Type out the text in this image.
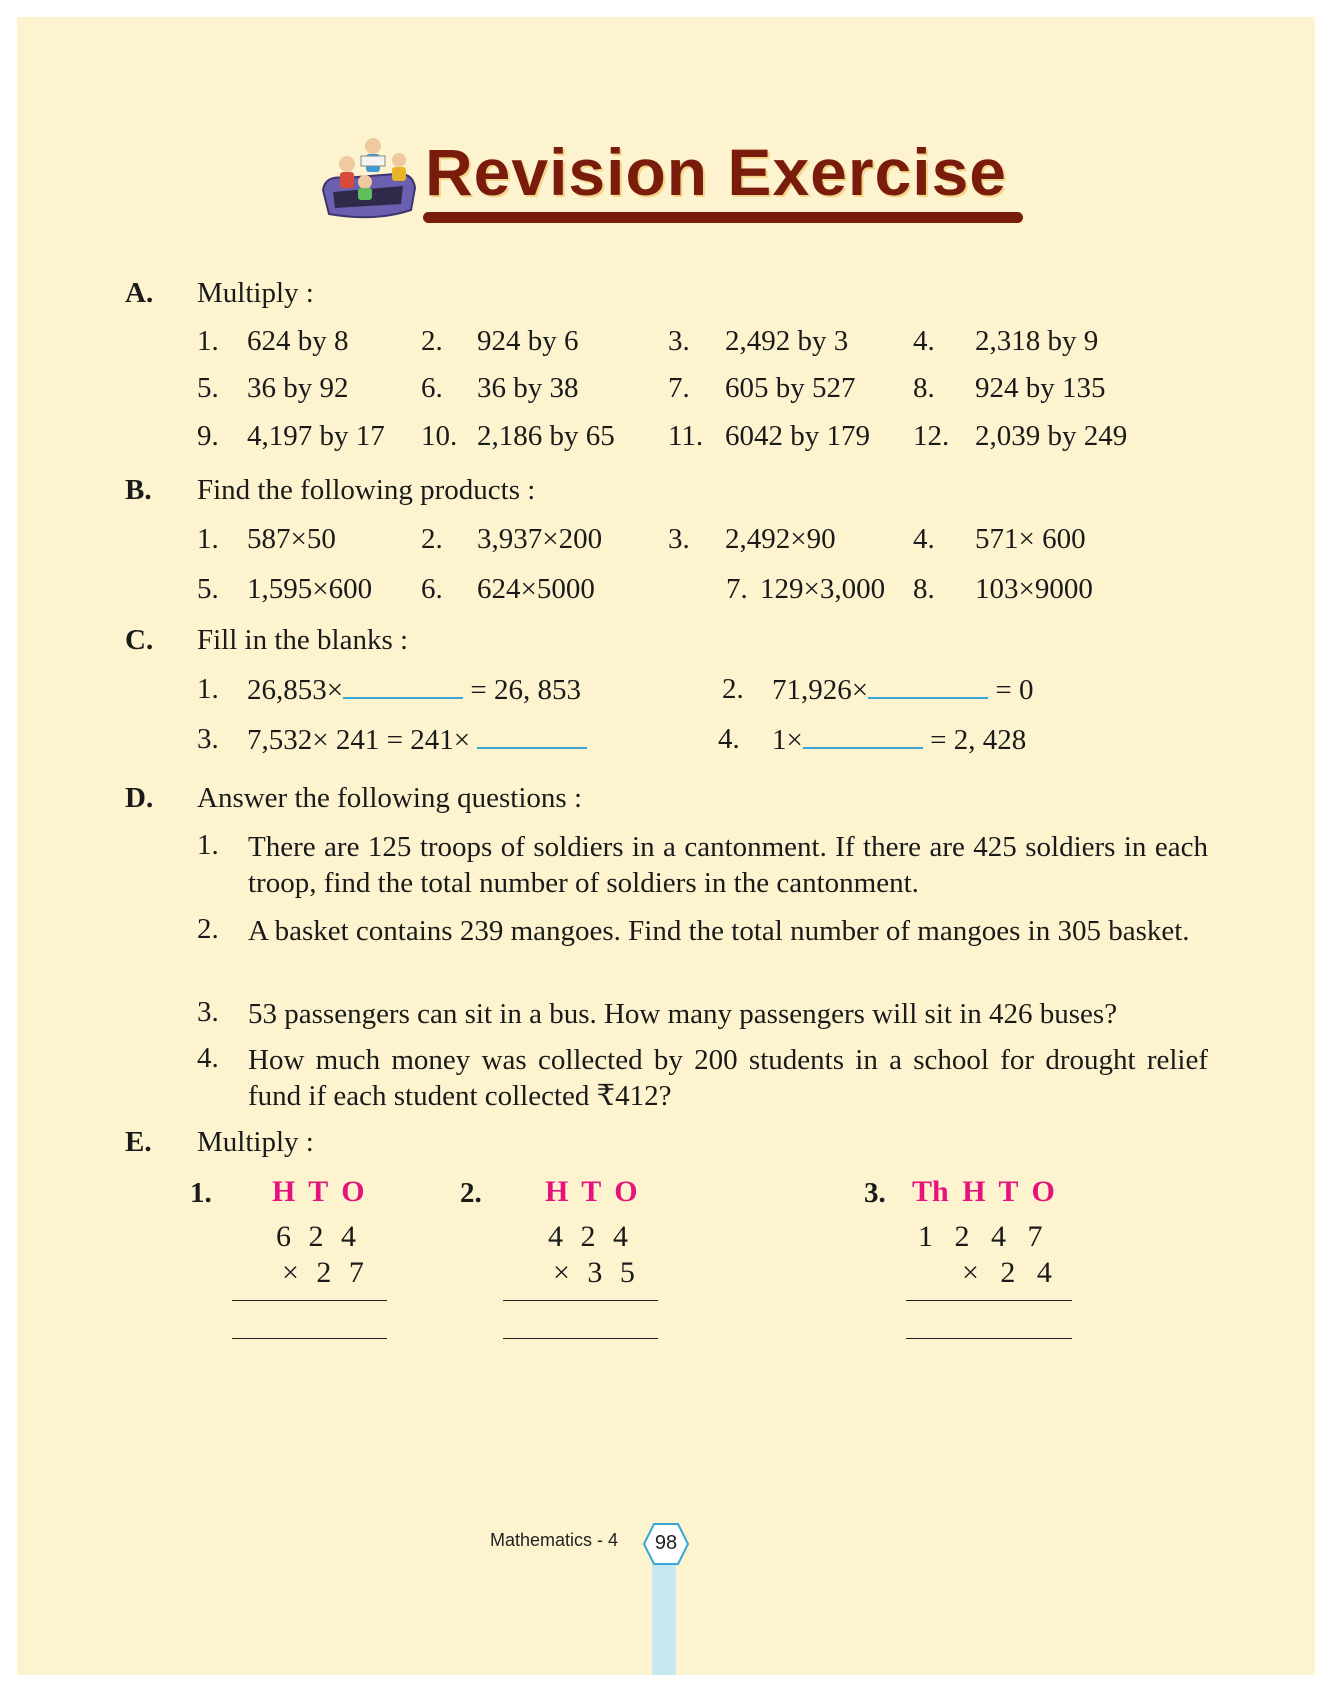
Revision Exercise
A. Multiply :
1. 624 by 8	2. 924 by 6	3. 2,492 by 3 4. 2,318 by 9
5. 36 by 92	6. 36 by 38	7. 605 by 527 8. 924 by 135
9. 4,197 by 17 10. 2,186 by 65 11. 6042 by 179 12. 2,039 by 249
B. Find the following products :
1. 587×50	2. 3,937×200 3. 2,492×90	4. 571× 600
5. 1,595×600 6. 624×5000	7. 129×3,000 8. 103×9000
C. Fill in the blanks :
1. 26,853×	= 26, 853	2. 71,926×	= 0
3. 7,532× 241 = 241×	4. 1×	= 2, 428
D. Answer the following questions :
1. There are 125 troops of soldiers in a cantonment. If there are 425 soldiers in each troop, find the total number of soldiers in the cantonment.
2. A basket contains 239 mangoes. Find the total number of mangoes in 305 basket.
3. 53 passengers can sit in a bus. How many passengers will sit in 426 buses?
4. How much money was collected by 200 students in a school for drought relief fund if each student collected ₹412?
E. Multiply :
1. H T O
6 2 4
× 2 7
2. H T O
4 2 4
× 3 5
3. Th H T O
1 2 4 7
× 2 4
Mathematics - 4	98
